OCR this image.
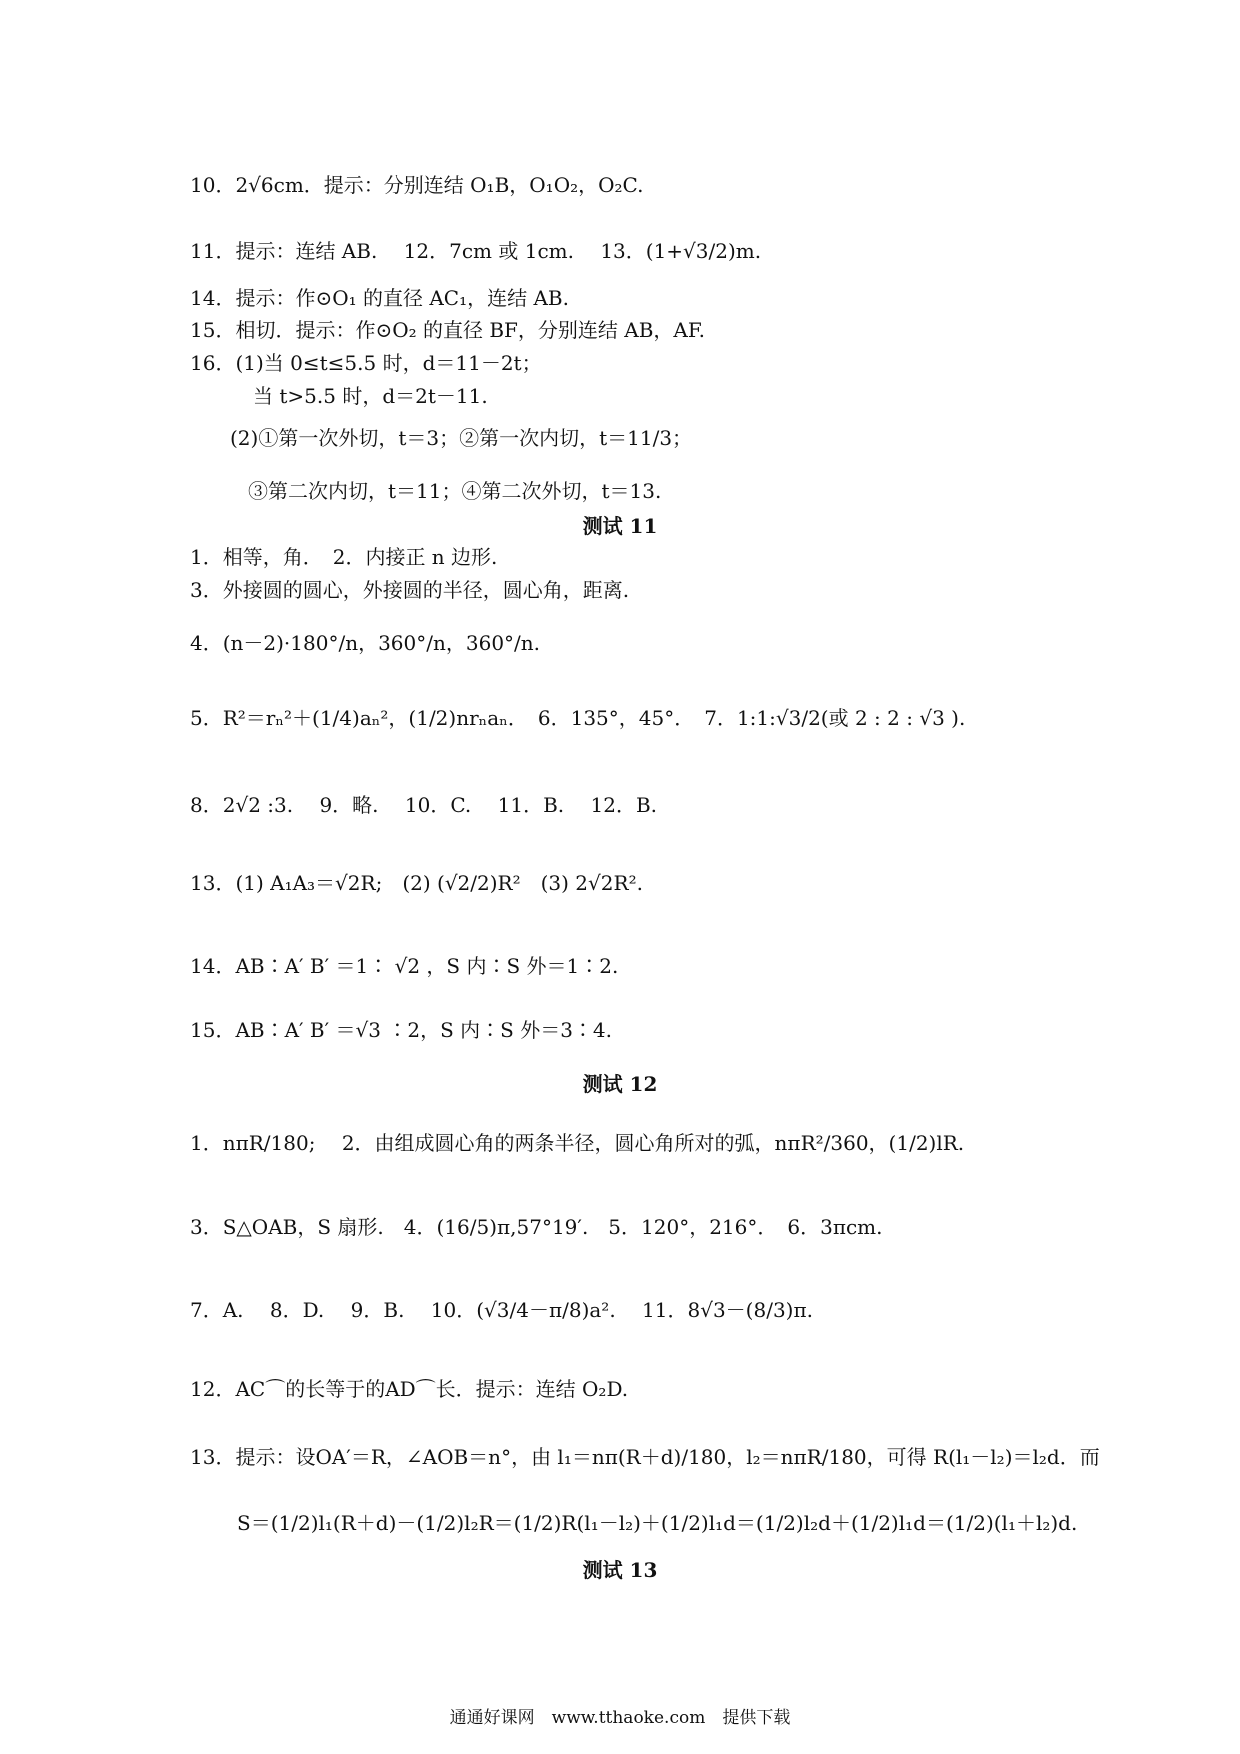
10．2√6cm．提示：分别连结 O₁B，O₁O₂，O₂C.
11．提示：连结 AB.　 12．7cm 或 1cm.　 13．(1+√3/2)m.
14．提示：作⊙O₁ 的直径 AC₁，连结 AB.
15．相切．提示：作⊙O₂ 的直径 BF，分别连结 AB，AF.
16．(1)当 0≤t≤5.5 时，d＝11－2t；
当 t>5.5 时，d＝2t－11.
(2)①第一次外切，t＝3；②第一次内切，t＝11/3；
③第二次内切，t＝11；④第二次外切，t＝13.
测试 11
1．相等，角．　2．内接正 n 边形.
3．外接圆的圆心，外接圆的半径，圆心角，距离.
4．(n－2)·180°/n，360°/n，360°/n.
5．R²＝rₙ²＋(1/4)aₙ²，(1/2)nrₙaₙ．　6．135°，45°．　7．1:1:√3/2(或 2 : 2 : √3 ).
8．2√2 :3.　 9．略.　 10．C.　 11．B.　 12．B.
13．(1) A₁A₃＝√2R;　(2) (√2/2)R²　(3) 2√2R².
14．AB∶A′ B′ ＝1∶ √2 ，S 内∶S 外＝1∶2.
15．AB∶A′ B′ ＝√3 ∶2，S 内∶S 外＝3∶4.
测试 12
1．nπR/180;　 2．由组成圆心角的两条半径，圆心角所对的弧，nπR²/360，(1/2)lR.
3．S△OAB，S 扇形.　4．(16/5)π,57°19′.　5．120°，216°．　6．3πcm.
7．A.　 8．D.　 9．B.　 10．(√3/4－π/8)a².　 11．8√3－(8/3)π.
12．AC⌒的长等于的AD⌒长．提示：连结 O₂D.
13．提示：设OA′＝R，∠AOB＝n°，由 l₁＝nπ(R＋d)/180，l₂＝nπR/180，可得 R(l₁－l₂)＝l₂d．而
S＝(1/2)l₁(R＋d)－(1/2)l₂R＝(1/2)R(l₁－l₂)＋(1/2)l₁d＝(1/2)l₂d＋(1/2)l₁d＝(1/2)(l₁＋l₂)d.
测试 13
通通好课网　www.tthaoke.com　提供下载
